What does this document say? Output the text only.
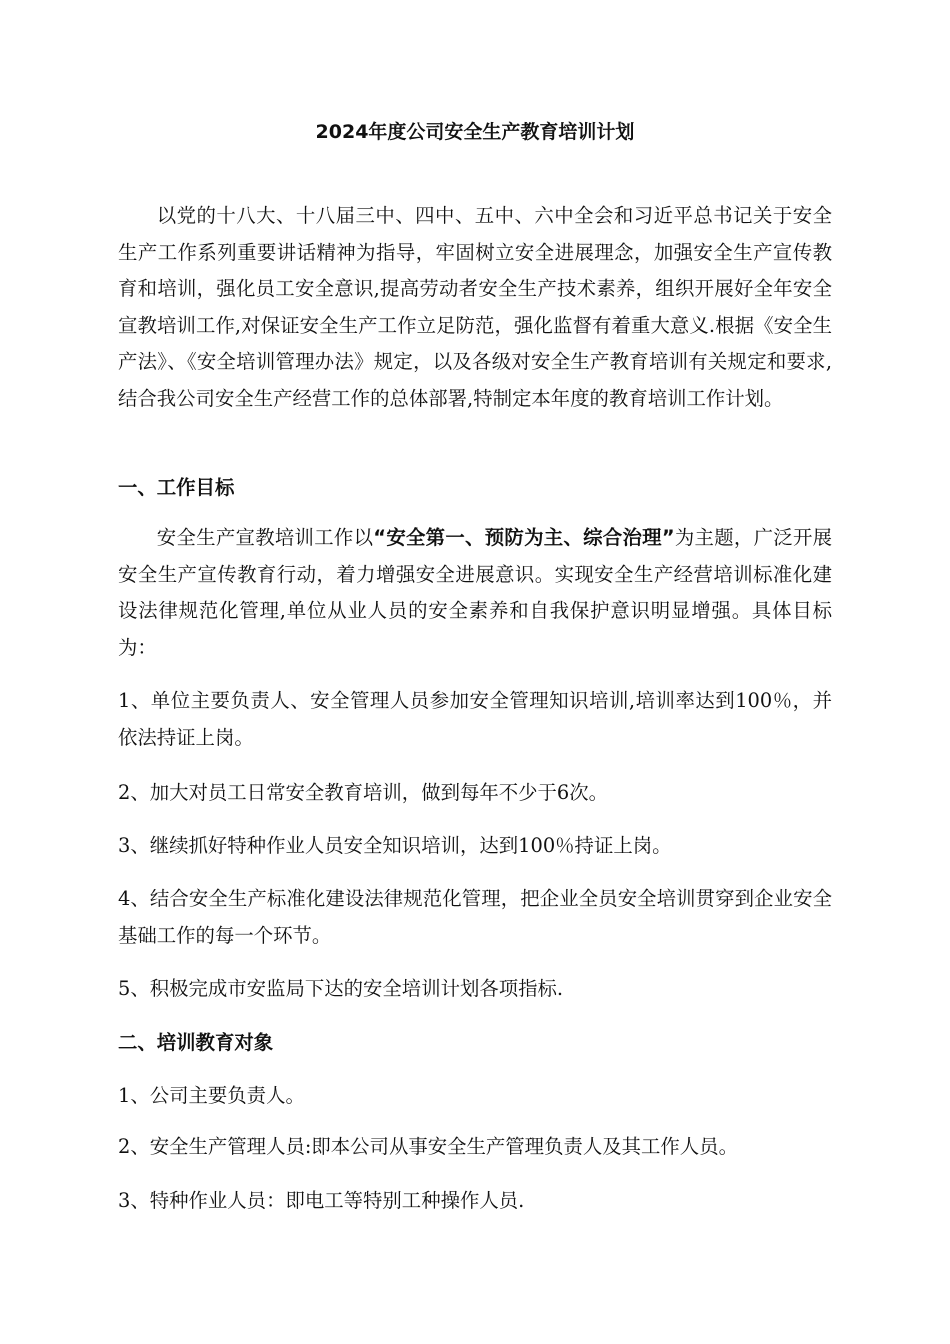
2024年度公司安全生产教育培训计划

以党的十八大、十八届三中、四中、五中、六中全会和习近平总书记关于安全生产工作系列重要讲话精神为指导，牢固树立安全进展理念，加强安全生产宣传教育和培训，强化员工安全意识,提高劳动者安全生产技术素养，组织开展好全年安全宣教培训工作,对保证安全生产工作立足防范，强化监督有着重大意义.根据《安全生产法》、《安全培训管理办法》规定，以及各级对安全生产教育培训有关规定和要求,结合我公司安全生产经营工作的总体部署,特制定本年度的教育培训工作计划。

一、工作目标

安全生产宣教培训工作以“安全第一、预防为主、综合治理”为主题，广泛开展安全生产宣传教育行动，着力增强安全进展意识。实现安全生产经营培训标准化建设法律规范化管理,单位从业人员的安全素养和自我保护意识明显增强。具体目标为：

1、单位主要负责人、安全管理人员参加安全管理知识培训,培训率达到100％，并依法持证上岗。

2、加大对员工日常安全教育培训，做到每年不少于6次。

3、继续抓好特种作业人员安全知识培训，达到100％持证上岗。

4、结合安全生产标准化建设法律规范化管理，把企业全员安全培训贯穿到企业安全基础工作的每一个环节。

5、积极完成市安监局下达的安全培训计划各项指标.

二、培训教育对象

1、公司主要负责人。

2、安全生产管理人员:即本公司从事安全生产管理负责人及其工作人员。

3、特种作业人员：即电工等特别工种操作人员.
